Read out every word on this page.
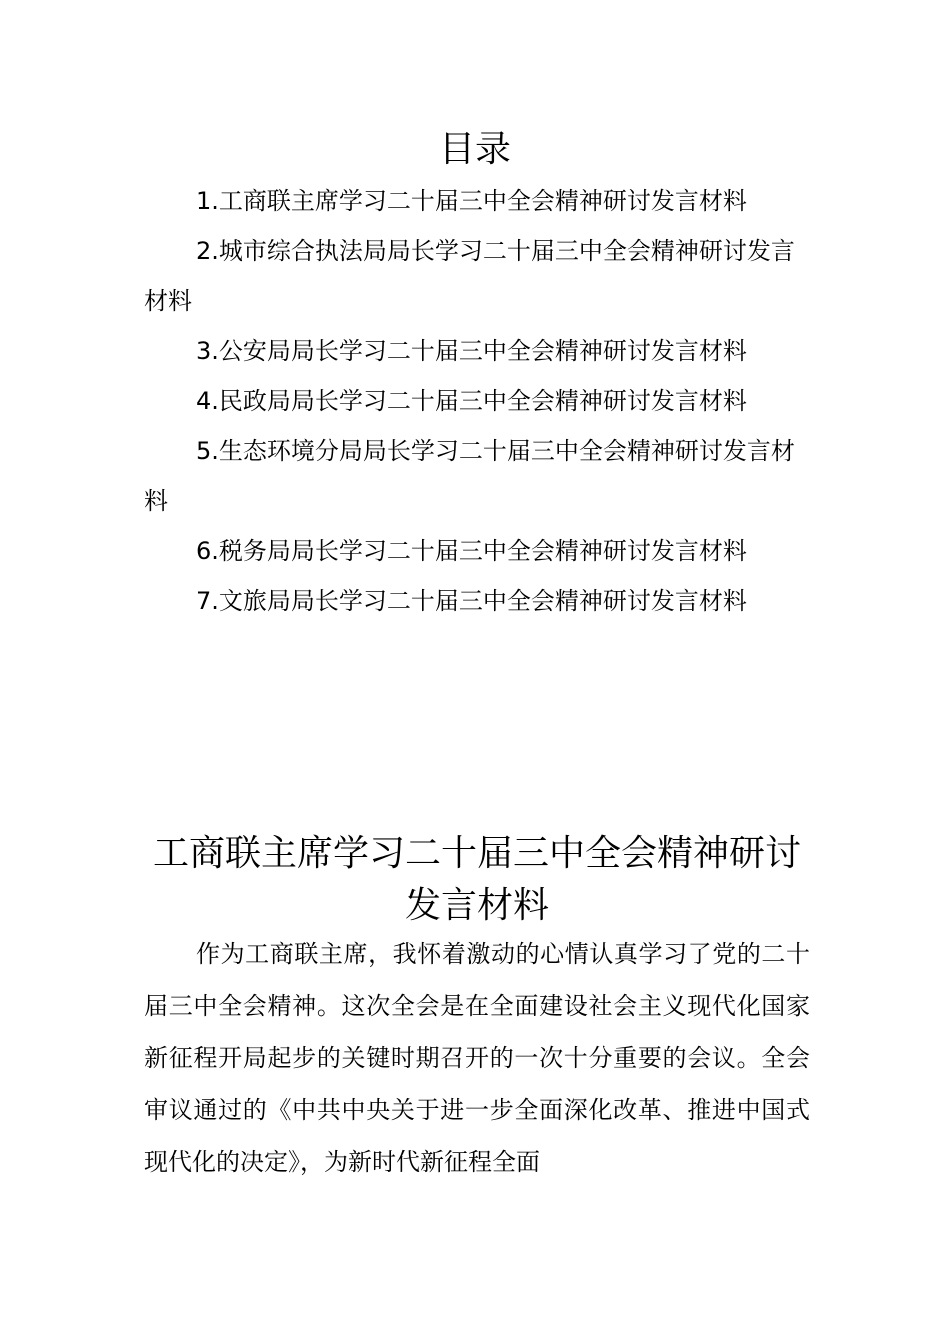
目录
1.工商联主席学习二十届三中全会精神研讨发言材料
2.城市综合执法局局长学习二十届三中全会精神研讨发言材料
3.公安局局长学习二十届三中全会精神研讨发言材料
4.民政局局长学习二十届三中全会精神研讨发言材料
5.生态环境分局局长学习二十届三中全会精神研讨发言材料
6.税务局局长学习二十届三中全会精神研讨发言材料
7.文旅局局长学习二十届三中全会精神研讨发言材料
工商联主席学习二十届三中全会精神研讨发言材料

作为工商联主席，我怀着激动的心情认真学习了党的二十届三中全会精神。这次全会是在全面建设社会主义现代化国家新征程开局起步的关键时期召开的一次十分重要的会议。全会审议通过的《中共中央关于进一步全面深化改革、推进中国式现代化的决定》，为新时代新征程全面
